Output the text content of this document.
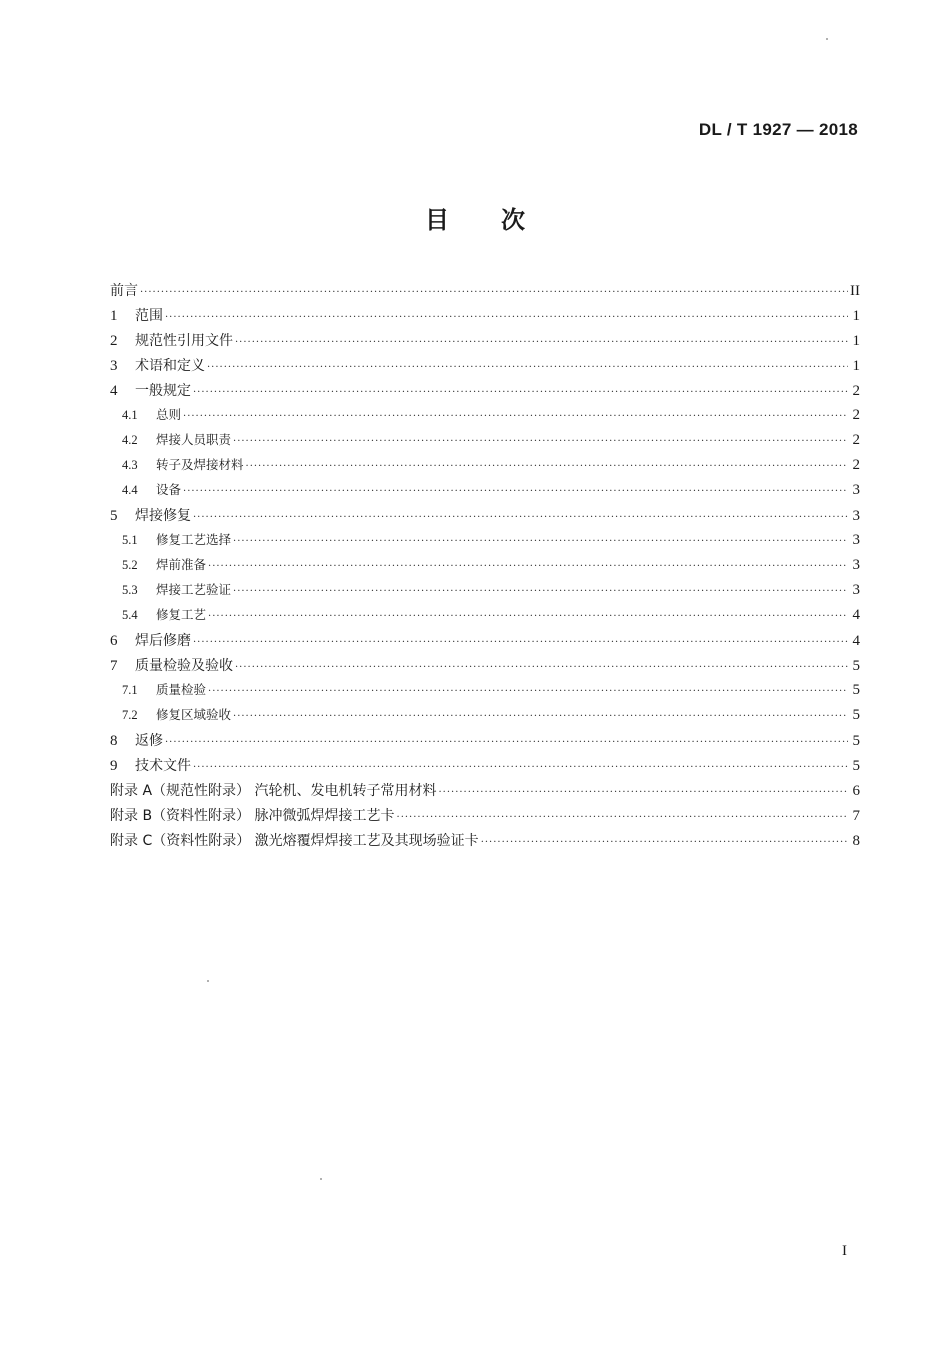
DL / T 1927 — 2018
目 次
前言 ·····	II
1	范围 ·····	1
2	规范性引用文件 ·····	1
3	术语和定义 ·····	1
4	一般规定 ·····	2
4.1	总则 ·····	2
4.2	焊接人员职责 ·····	2
4.3	转子及焊接材料 ·····	2
4.4	设备 ·····	3
5	焊接修复 ·····	3
5.1	修复工艺选择 ·····	3
5.2	焊前准备 ·····	3
5.3	焊接工艺验证 ·····	3
5.4	修复工艺 ·····	4
6	焊后修磨 ·····	4
7	质量检验及验收 ·····	5
7.1	质量检验 ·····	5
7.2	修复区域验收 ·····	5
8	返修 ·····	5
9	技术文件 ·····	5
附录 A（规范性附录） 汽轮机、发电机转子常用材料 ·····	6
附录 B（资料性附录） 脉冲微弧焊焊接工艺卡 ·····	7
附录 C（资料性附录） 激光熔覆焊焊接工艺及其现场验证卡 ·····	8
I
